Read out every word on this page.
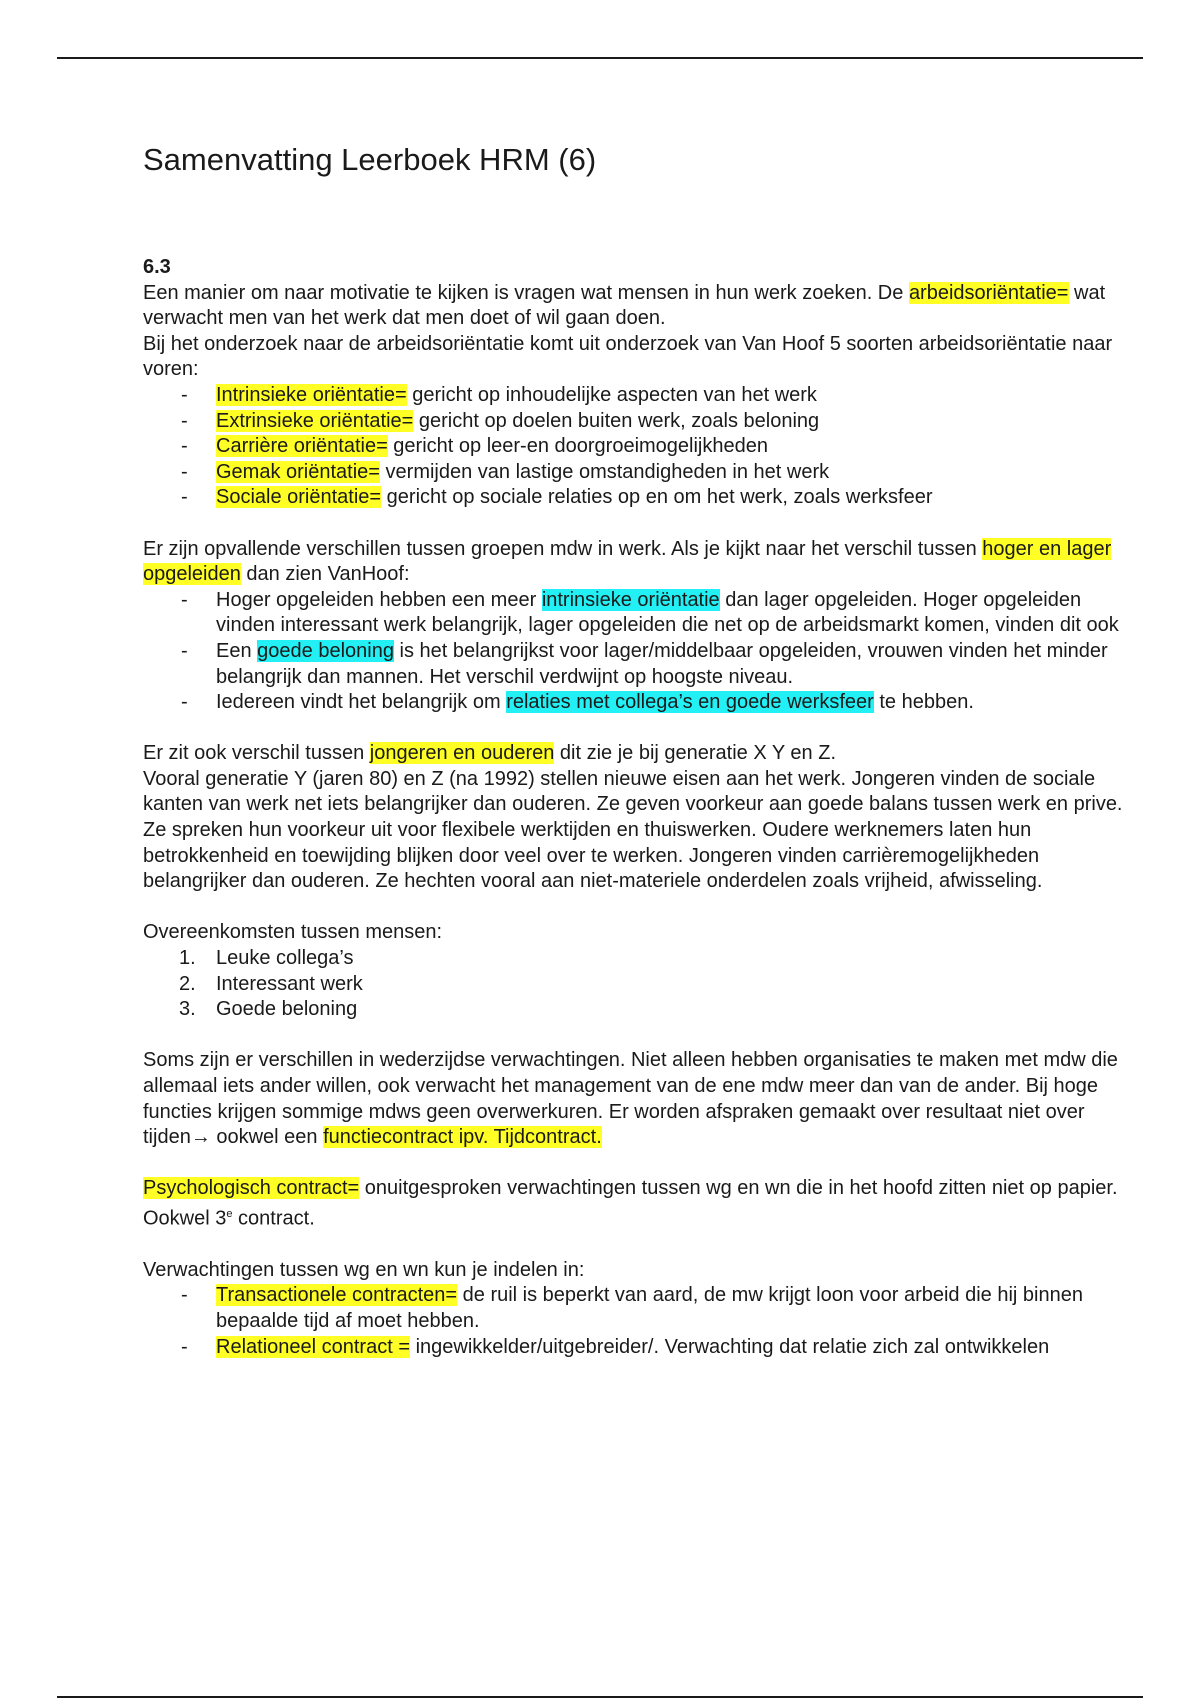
Samenvatting Leerboek HRM (6)

6.3

Een manier om naar motivatie te kijken is vragen wat mensen in hun werk zoeken. De arbeidsoriëntatie= wat verwacht men van het werk dat men doet of wil gaan doen.
Bij het onderzoek naar de arbeidsoriëntatie komt uit onderzoek van Van Hoof 5 soorten arbeidsoriëntatie naar voren:

- Intrinsieke oriëntatie= gericht op inhoudelijke aspecten van het werk
- Extrinsieke oriëntatie= gericht op doelen buiten werk, zoals beloning
- Carrière oriëntatie= gericht op leer-en doorgroeimogelijkheden
- Gemak oriëntatie= vermijden van lastige omstandigheden in het werk
- Sociale oriëntatie= gericht op sociale relaties op en om het werk, zoals werksfeer

Er zijn opvallende verschillen tussen groepen mdw in werk. Als je kijkt naar het verschil tussen hoger en lager opgeleiden dan zien VanHoof:

- Hoger opgeleiden hebben een meer intrinsieke oriëntatie dan lager opgeleiden. Hoger opgeleiden vinden interessant werk belangrijk, lager opgeleiden die net op de arbeidsmarkt komen, vinden dit ook
- Een goede beloning is het belangrijkst voor lager/middelbaar opgeleiden, vrouwen vinden het minder belangrijk dan mannen. Het verschil verdwijnt op hoogste niveau.
- Iedereen vindt het belangrijk om relaties met collega’s en goede werksfeer te hebben.

Er zit ook verschil tussen jongeren en ouderen dit zie je bij generatie X Y en Z.
Vooral generatie Y (jaren 80) en Z (na 1992) stellen nieuwe eisen aan het werk. Jongeren vinden de sociale kanten van werk net iets belangrijker dan ouderen. Ze geven voorkeur aan goede balans tussen werk en prive. Ze spreken hun voorkeur uit voor flexibele werktijden en thuiswerken. Oudere werknemers laten hun betrokkenheid en toewijding blijken door veel over te werken. Jongeren vinden carrièremogelijkheden belangrijker dan ouderen. Ze hechten vooral aan niet-materiele onderdelen zoals vrijheid, afwisseling.

Overeenkomsten tussen mensen:

1. Leuke collega’s
2. Interessant werk
3. Goede beloning

Soms zijn er verschillen in wederzijdse verwachtingen. Niet alleen hebben organisaties te maken met mdw die allemaal iets ander willen, ook verwacht het management van de ene mdw meer dan van de ander. Bij hoge functies krijgen sommige mdws geen overwerkuren. Er worden afspraken gemaakt over resultaat niet over tijden→ ookwel een functiecontract ipv. Tijdcontract.

Psychologisch contract= onuitgesproken verwachtingen tussen wg en wn die in het hoofd zitten niet op papier. Ookwel 3e contract.

Verwachtingen tussen wg en wn kun je indelen in:

- Transactionele contracten= de ruil is beperkt van aard, de mw krijgt loon voor arbeid die hij binnen bepaalde tijd af moet hebben.
- Relationeel contract = ingewikkelder/uitgebreider/. Verwachting dat relatie zich zal ontwikkelen
